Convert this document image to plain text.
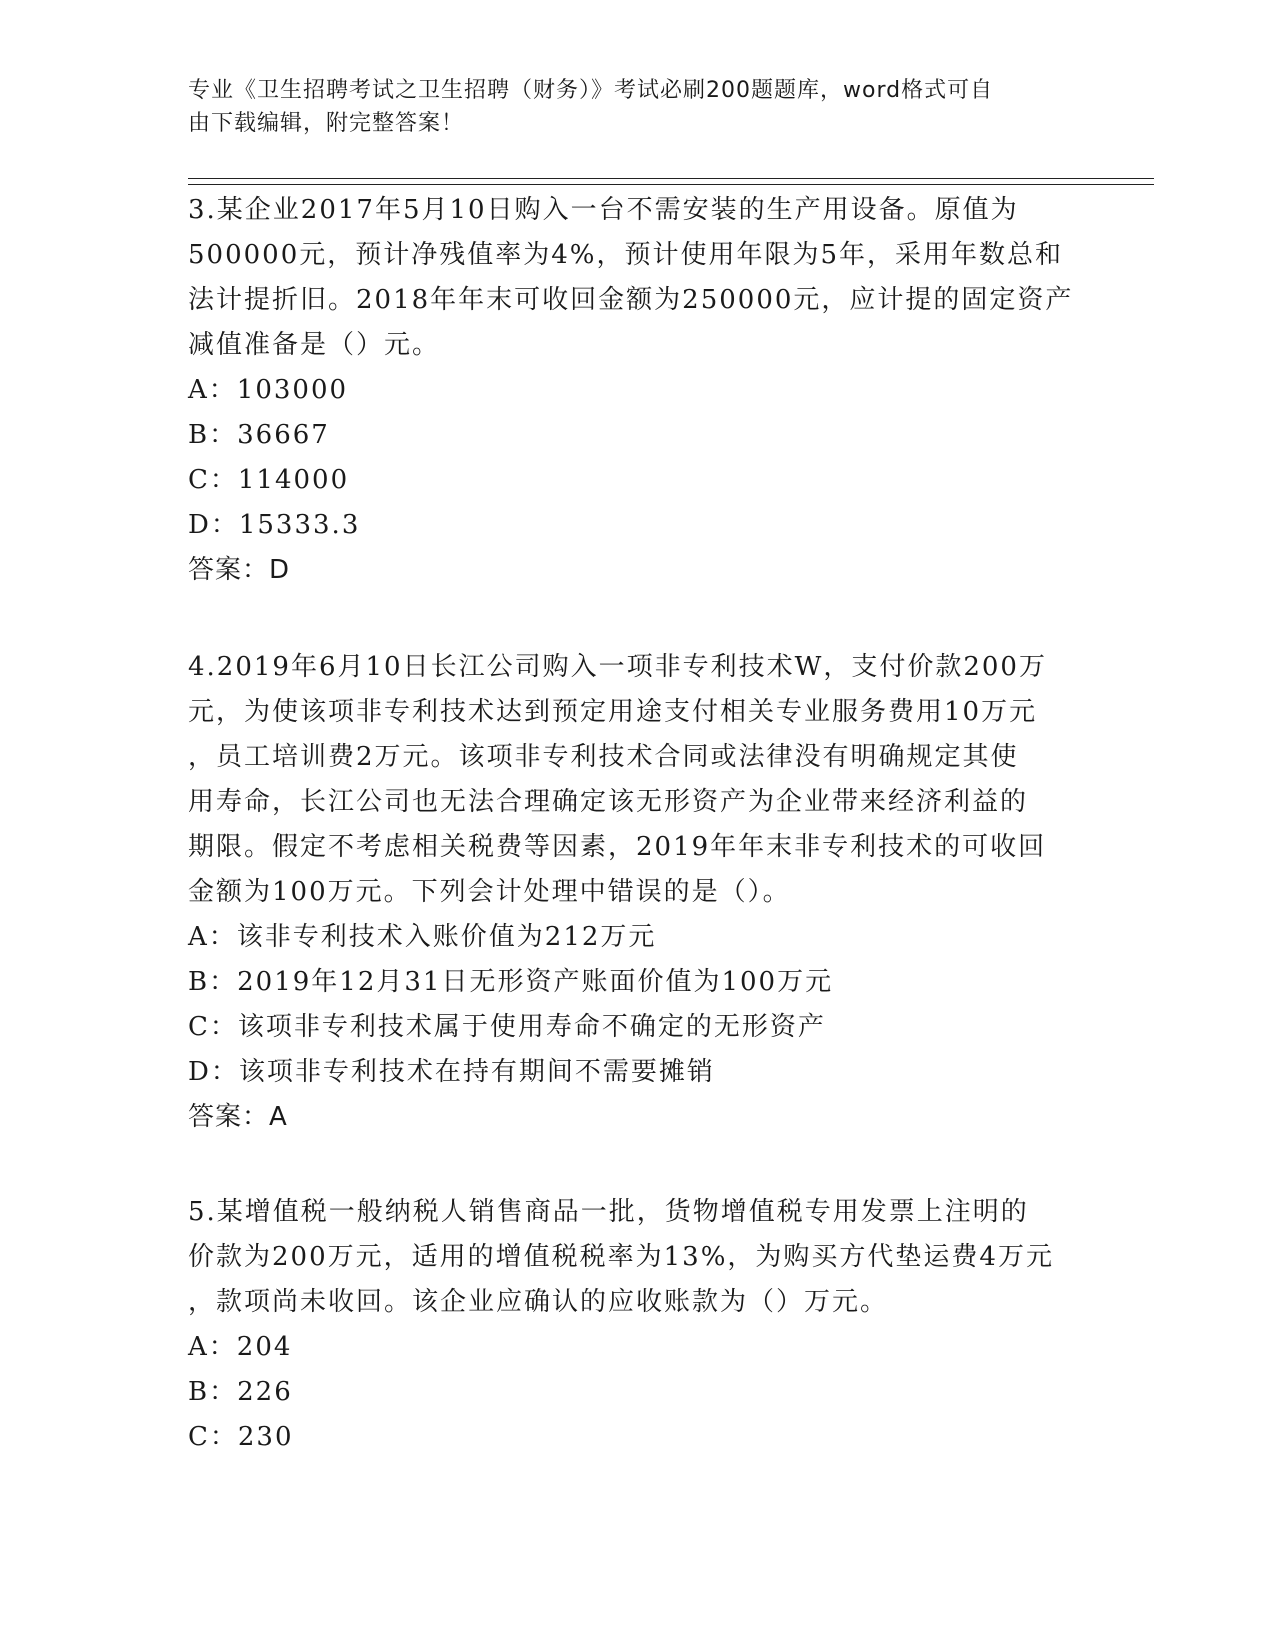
专业《卫生招聘考试之卫生招聘（财务）》考试必刷200题题库，word格式可自
由下载编辑，附完整答案！
3.某企业2017年5月10日购入一台不需安装的生产用设备。原值为
500000元，预计净残值率为4%，预计使用年限为5年，采用年数总和
法计提折旧。2018年年末可收回金额为250000元，应计提的固定资产
减值准备是（）元。
A：103000
B：36667
C：114000
D：15333.3
答案：D
4.2019年6月10日长江公司购入一项非专利技术W，支付价款200万
元，为使该项非专利技术达到预定用途支付相关专业服务费用10万元
，员工培训费2万元。该项非专利技术合同或法律没有明确规定其使
用寿命，长江公司也无法合理确定该无形资产为企业带来经济利益的
期限。假定不考虑相关税费等因素，2019年年末非专利技术的可收回
金额为100万元。下列会计处理中错误的是（）。
A：该非专利技术入账价值为212万元
B：2019年12月31日无形资产账面价值为100万元
C：该项非专利技术属于使用寿命不确定的无形资产
D：该项非专利技术在持有期间不需要摊销
答案：A
5.某增值税一般纳税人销售商品一批，货物增值税专用发票上注明的
价款为200万元，适用的增值税税率为13%，为购买方代垫运费4万元
，款项尚未收回。该企业应确认的应收账款为（）万元。
A：204
B：226
C：230
